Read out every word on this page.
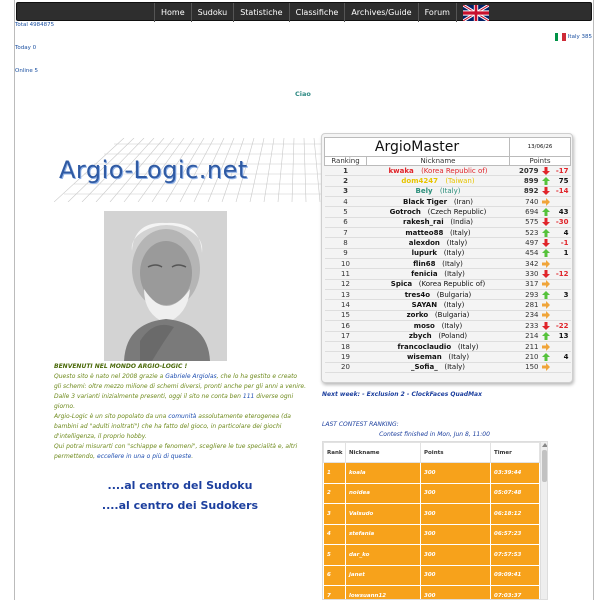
Home	Sudoku	Statistiche	Classifiche	Archives/Guide	Forum
Total 4984875
Today 0
Online 5
Italy 385
Ciao
Argio-Logic.net

BENVENUTI NEL MONDO ARGIO-LOGIC !

Questo sito è nato nel 2008 grazie a Gabriele Argiolas, che lo ha gestito e creato gli schemi: oltre mezzo milione di schemi diversi, pronti anche per gli anni a venire.

Dalle 3 varianti inizialmente presenti, oggi il sito ne conta ben 111 diverse ogni giorno.

Argio-Logic è un sito popolato da una comunità assolutamente eterogenea (da bambini ad "adulti inoltrati") che ha fatto del gioco, in particolare dei giochi d'intelligenza, il proprio hobby.

Qui potrai misurarti con "schiappe e fenomeni", scegliere le tue specialità e, altri permettendo, eccellere in una o più di queste.

....al centro del Sudoku
....al centro dei Sudokers
ArgioMaster		13/06/26		
Ranking	Nickname	Points		
1	kwaka (Korea Republic of)	2079		-17
2	dom4247 (Taiwan)	899		75
3	Bely (Italy)	892		-14
4	Black Tiger (Iran)	740		
5	Gotroch (Czech Republic)	694		43
6	rakesh_rai (India)	575		-30
7	matteo88 (Italy)	523		4
8	alexdon (Italy)	497		-1
9	lupurk (Italy)	454		1
10	flin68 (Italy)	342		
11	fenicia (Italy)	330		-12
12	Spica (Korea Republic of)	317		
13	tres4o (Bulgaria)	293		3
14	SAYAN (Italy)	281		
15	zorko (Bulgaria)	234		
16	moso (Italy)	233		-22
17	zbych (Poland)	214		13
18	francoclaudio (Italy)	211		
19	wiseman (Italy)	210		4
20	_Sofia_ (Italy)	150		
Next week: - Exclusion 2 - ClockFaces QuadMax
LAST CONTEST RANKING:
Contest finished in Mon, Jun 8, 11:00
Rank	Nickname	Points	Timer
1	koala	300	03:39:44
2	noidea	300	05:07:48
3	Valsudo	300	06:18:12
4	stefania	300	06:57:23
5	dar_ko	300	07:57:53
6	janet	300	09:09:41
7	lowsuann12	300	07:03:37
